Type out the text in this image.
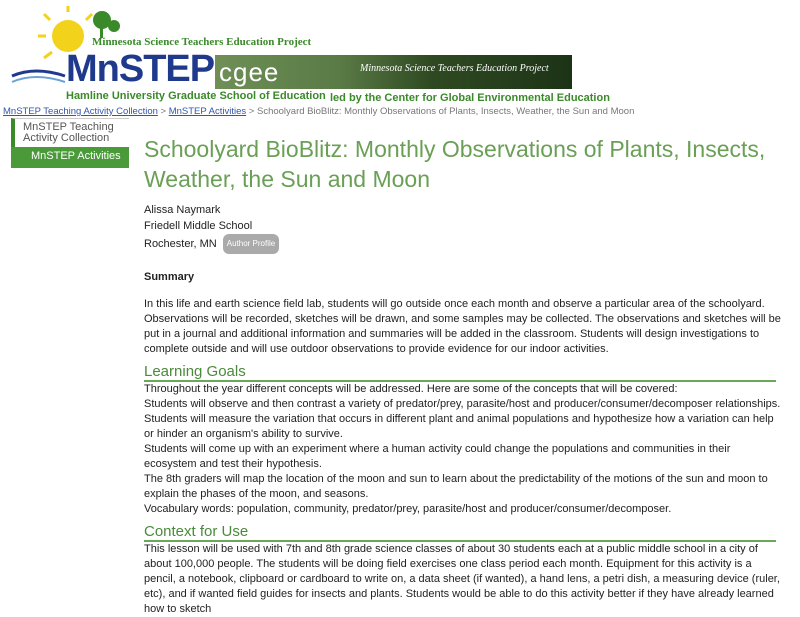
Minnesota Science Teachers Education Project
MnSTEP
Hamline University Graduate School of Education
cgee	Minnesota Science Teachers Education Project
led by the Center for Global Environmental Education
MnSTEP Teaching Activity Collection > MnSTEP Activities > Schoolyard BioBlitz: Monthly Observations of Plants, Insects, Weather, the Sun and Moon
MnSTEP Teaching Activity Collection
MnSTEP Activities	Schoolyard BioBlitz: Monthly Observations of Plants, Insects, Weather, the Sun and Moon
Alissa Naymark
Friedell Middle School
Rochester, MN Author Profile
Summary

In this life and earth science field lab, students will go outside once each month and observe a particular area of the schoolyard. Observations will be recorded, sketches will be drawn, and some samples may be collected. The observations and sketches will be put in a journal and additional information and summaries will be added in the classroom. Students will design investigations to complete outside and will use outdoor observations to provide evidence for our indoor activities.

Learning Goals

Throughout the year different concepts will be addressed. Here are some of the concepts that will be covered:

Students will observe and then contrast a variety of predator/prey, parasite/host and producer/consumer/decomposer relationships.

Students will measure the variation that occurs in different plant and animal populations and hypothesize how a variation can help or hinder an organism's ability to survive.

Students will come up with an experiment where a human activity could change the populations and communities in their ecosystem and test their hypothesis.

The 8th graders will map the location of the moon and sun to learn about the predictability of the motions of the sun and moon to explain the phases of the moon, and seasons.

Vocabulary words: population, community, predator/prey, parasite/host and producer/consumer/decomposer.

Context for Use

This lesson will be used with 7th and 8th grade science classes of about 30 students each at a public middle school in a city of about 100,000 people. The students will be doing field exercises one class period each month. Equipment for this activity is a pencil, a notebook, clipboard or cardboard to write on, a data sheet (if wanted), a hand lens, a petri dish, a measuring device (ruler, etc), and if wanted field guides for insects and plants. Students would be able to do this activity better if they have already learned how to sketch
